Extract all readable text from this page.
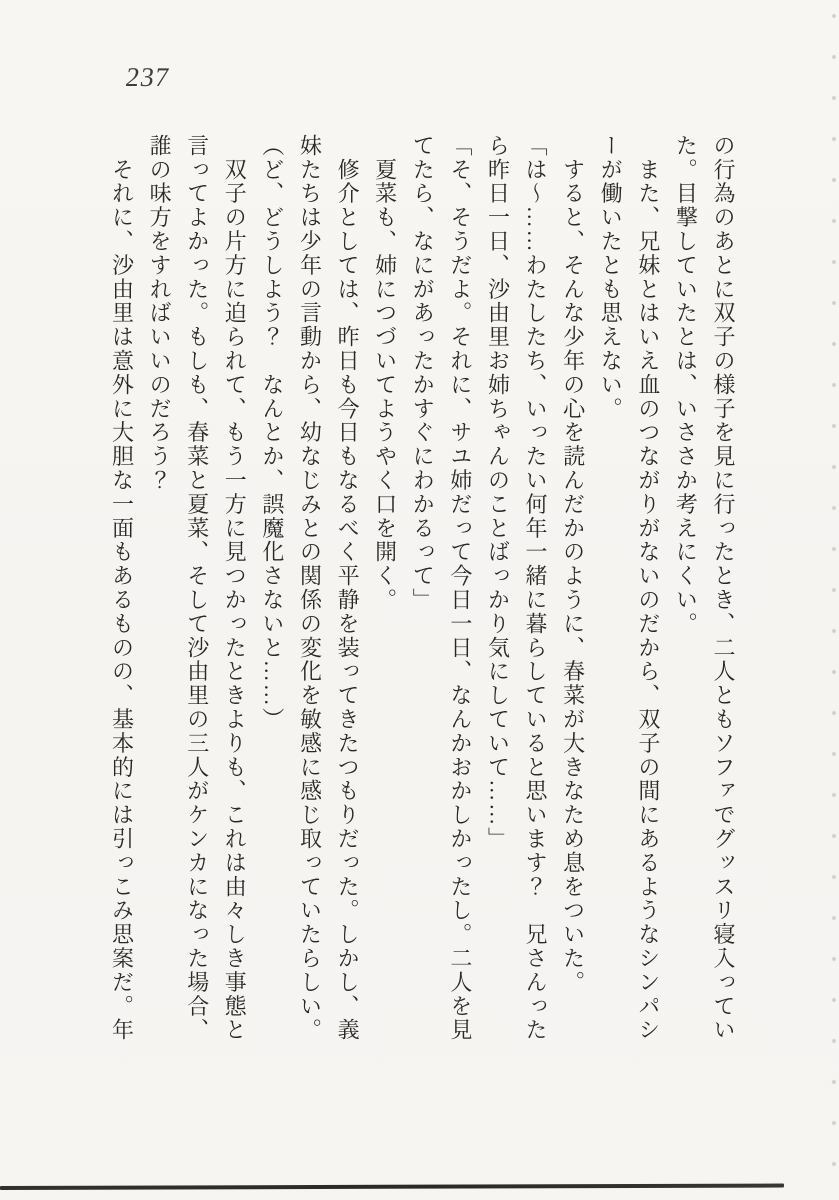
237
の行為のあとに双子の様子を見に行ったとき、二人ともソファでグッスリ寝入ってい
た。目撃していたとは、いささか考えにくい。
　また、兄妹とはいえ血のつながりがないのだから、双子の間にあるようなシンパシ
ーが働いたとも思えない。
　すると、そんな少年の心を読んだかのように、春菜が大きなため息をついた。
「は～……わたしたち、いったい何年一緒に暮らしていると思います？　兄さんった
ら昨日一日、沙由里お姉ちゃんのことばっかり気にしていて……」
「そ、そうだよ。それに、サユ姉だって今日一日、なんかおかしかったし。二人を見
てたら、なにがあったかすぐにわかるって」
　夏菜も、姉につづいてようやく口を開く。
　修介としては、昨日も今日もなるべく平静を装ってきたつもりだった。しかし、義
妹たちは少年の言動から、幼なじみとの関係の変化を敏感に感じ取っていたらしい。
（ど、どうしよう？　なんとか、誤魔化さないと……）
　双子の片方に迫られて、もう一方に見つかったときよりも、これは由々しき事態と
言ってよかった。もしも、春菜と夏菜、そして沙由里の三人がケンカになった場合、
誰の味方をすればいいのだろう？
　それに、沙由里は意外に大胆な一面もあるものの、基本的には引っこみ思案だ。年
